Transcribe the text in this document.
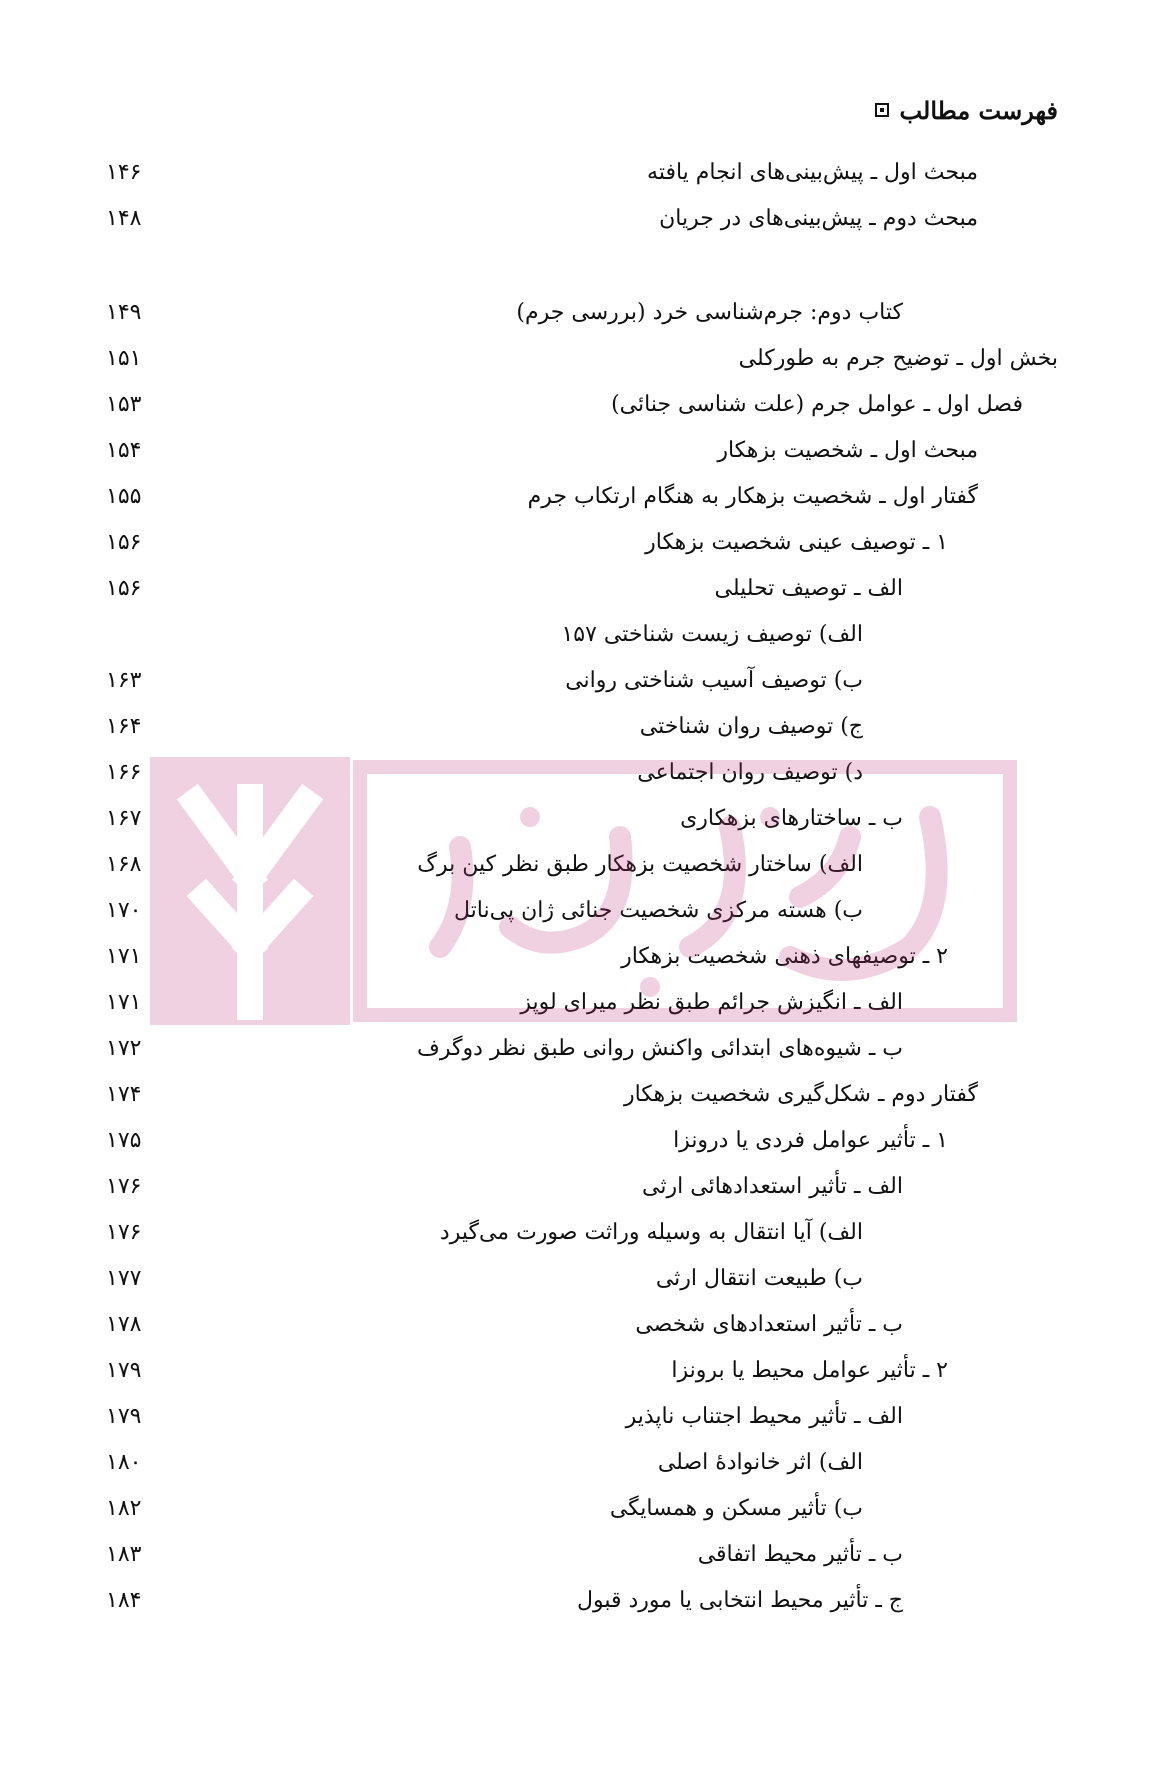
فهرست مطالب
مبحث اول ـ پیش‌بینی‌های انجام یافته
۱۴۶
مبحث دوم ـ پیش‌بینی‌های در جریان
۱۴۸
کتاب دوم: جرم‌شناسی خرد (بررسی جرم)
۱۴۹
بخش اول ـ توضیح جرم به طورکلی
۱۵۱
فصل اول ـ عوامل جرم (علت شناسی جنائی)
۱۵۳
مبحث اول ـ شخصیت بزهکار
۱۵۴
گفتار اول ـ شخصیت بزهکار به هنگام ارتکاب جرم
۱۵۵
۱ ـ توصیف عینی شخصیت بزهکار
۱۵۶
الف ـ توصیف تحلیلی
۱۵۶
الف) توصیف زیست شناختی ۱۵۷
ب) توصیف آسیب شناختی روانی
۱۶۳
ج) توصیف روان شناختی
۱۶۴
د) توصیف روان اجتماعی
۱۶۶
ب ـ ساختارهای بزهکاری
۱۶۷
الف) ساختار شخصیت بزهکار طبق نظر کین برگ
۱۶۸
ب) هسته مرکزی شخصیت جنائی ژان پی‌ناتل
۱۷۰
۲ ـ توصیفهای ذهنی شخصیت بزهکار
۱۷۱
الف ـ انگیزش جرائم طبق نظر میرای لوپز
۱۷۱
ب ـ شیوه‌های ابتدائی واکنش روانی طبق نظر دوگرف
۱۷۲
گفتار دوم ـ شکل‌گیری شخصیت بزهکار
۱۷۴
۱ ـ تأثیر عوامل فردی یا درونزا
۱۷۵
الف ـ تأثیر استعدادهائی ارثی
۱۷۶
الف) آیا انتقال به وسیله وراثت صورت می‌گیرد
۱۷۶
ب) طبیعت انتقال ارثی
۱۷۷
ب ـ تأثیر استعدادهای شخصی
۱۷۸
۲ ـ تأثیر عوامل محیط یا برونزا
۱۷۹
الف ـ تأثیر محیط اجتناب ناپذیر
۱۷۹
الف) اثر خانوادهٔ اصلی
۱۸۰
ب) تأثیر مسکن و همسایگی
۱۸۲
ب ـ تأثیر محیط اتفاقی
۱۸۳
ج ـ تأثیر محیط انتخابی یا مورد قبول
۱۸۴
